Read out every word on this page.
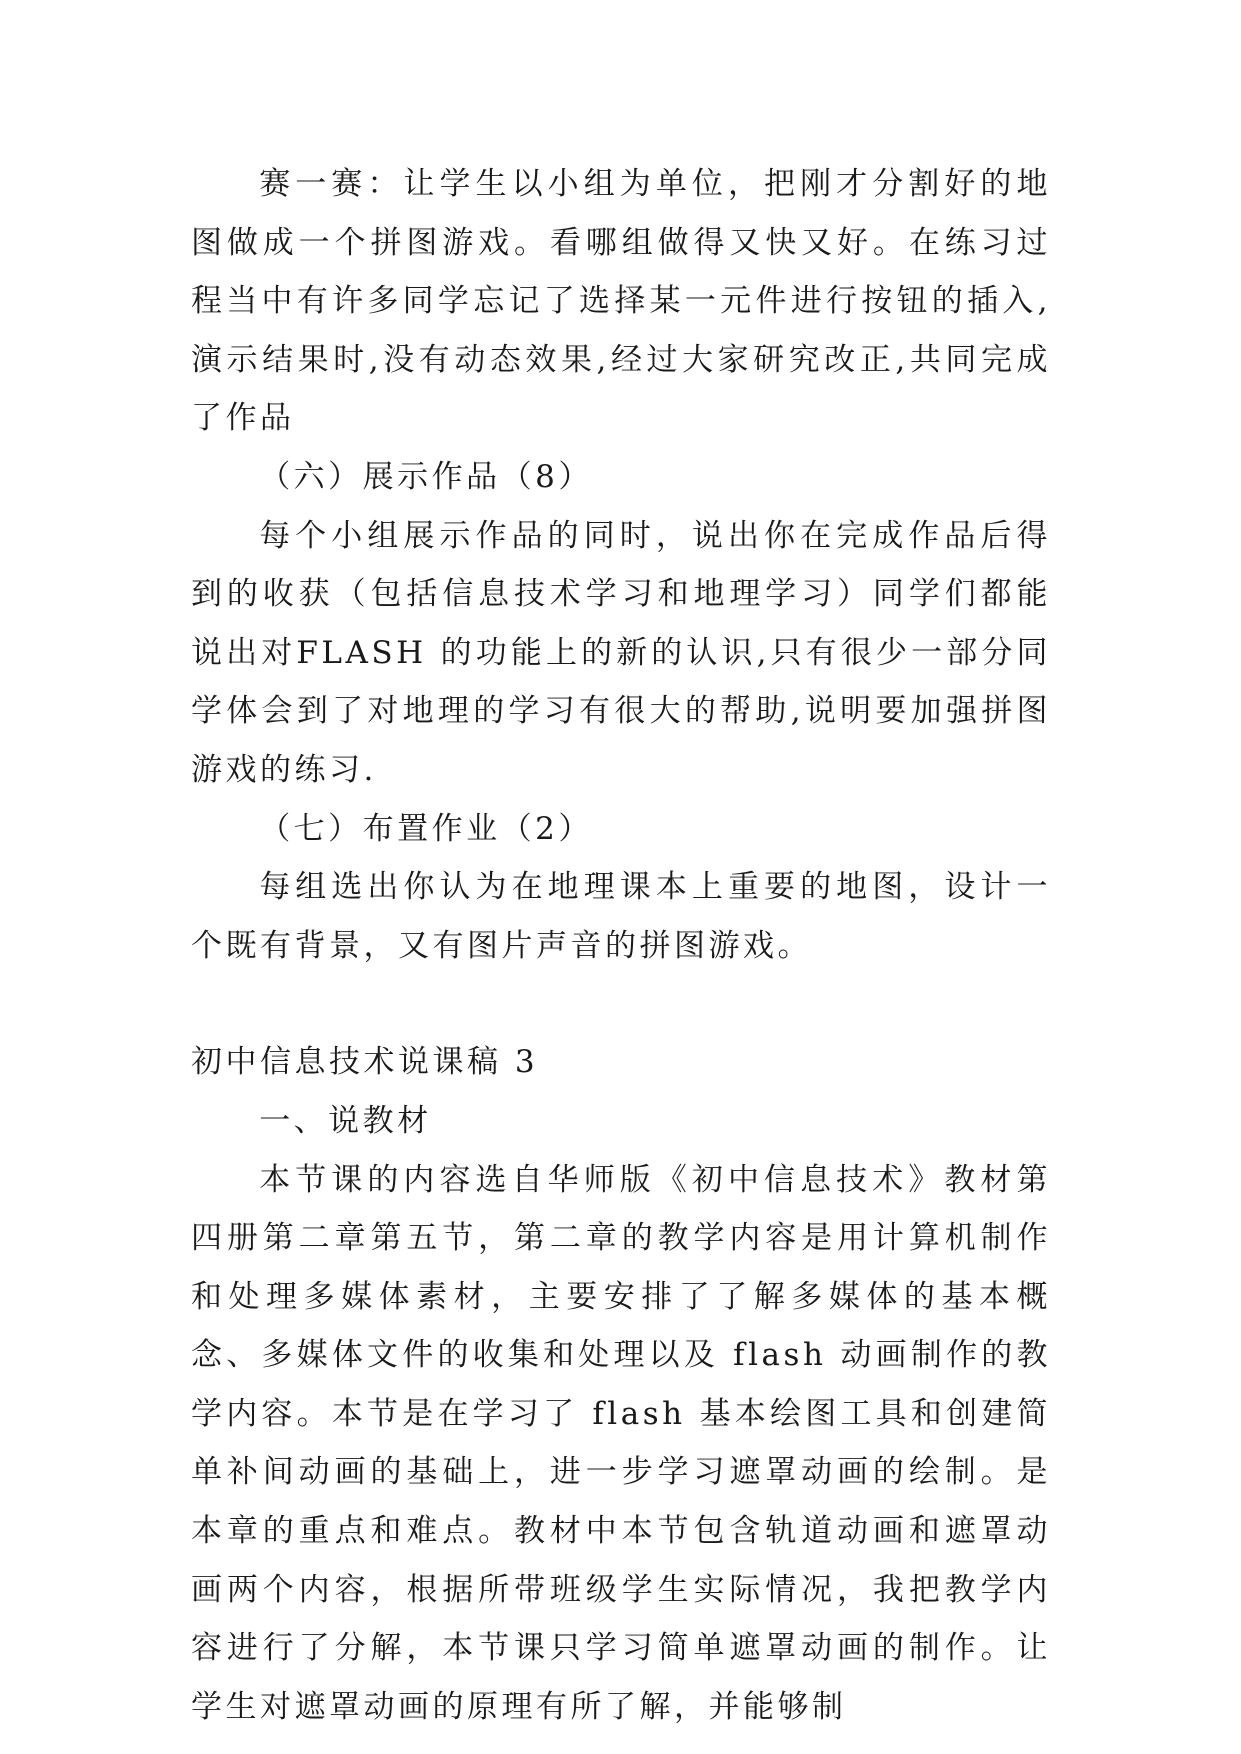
赛一赛：让学生以小组为单位，把刚才分割好的地图做成一个拼图游戏。看哪组做得又快又好。在练习过程当中有许多同学忘记了选择某一元件进行按钮的插入,演示结果时,没有动态效果,经过大家研究改正,共同完成了作品

（六）展示作品（8）

每个小组展示作品的同时，说出你在完成作品后得到的收获（包括信息技术学习和地理学习）同学们都能说出对FLASH 的功能上的新的认识,只有很少一部分同学体会到了对地理的学习有很大的帮助,说明要加强拼图游戏的练习.

（七）布置作业（2）

每组选出你认为在地理课本上重要的地图，设计一个既有背景，又有图片声音的拼图游戏。

初中信息技术说课稿 3

一、说教材

本节课的内容选自华师版《初中信息技术》教材第四册第二章第五节，第二章的教学内容是用计算机制作和处理多媒体素材，主要安排了了解多媒体的基本概念、多媒体文件的收集和处理以及 flash 动画制作的教学内容。本节是在学习了 flash 基本绘图工具和创建简单补间动画的基础上，进一步学习遮罩动画的绘制。是本章的重点和难点。教材中本节包含轨道动画和遮罩动画两个内容，根据所带班级学生实际情况，我把教学内容进行了分解，本节课只学习简单遮罩动画的制作。让学生对遮罩动画的原理有所了解，并能够制
